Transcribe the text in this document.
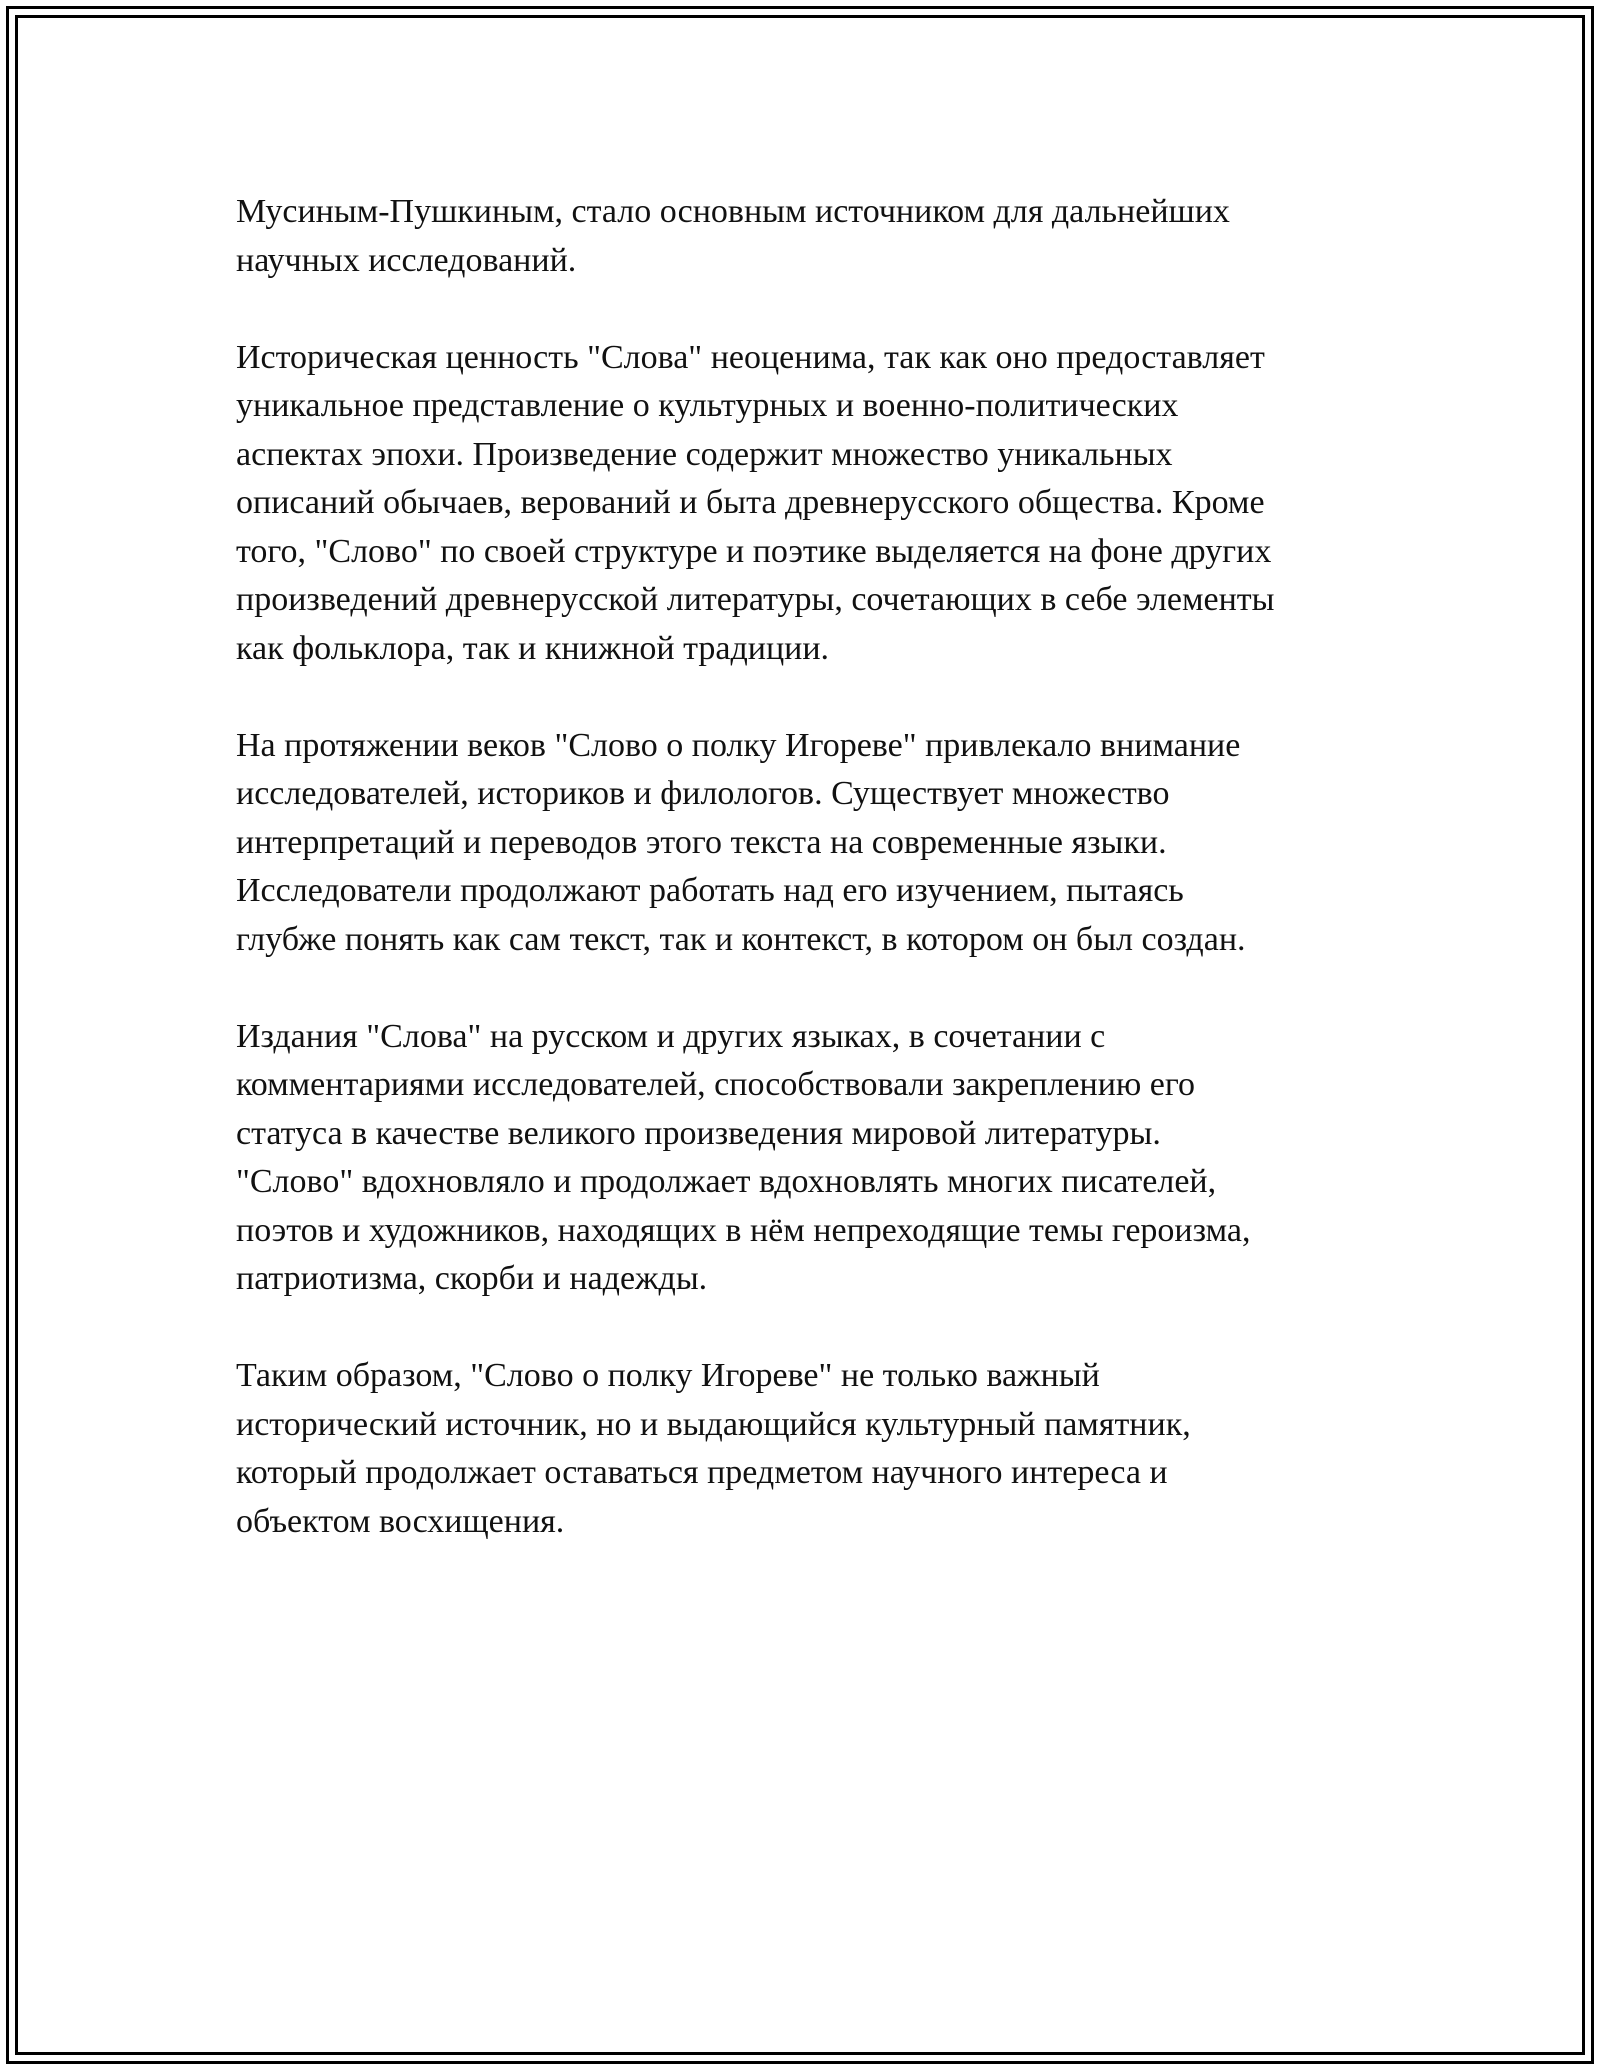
Мусиным-Пушкиным, стало основным источником для дальнейших
научных исследований.

Историческая ценность "Слова" неоценима, так как оно предоставляет
уникальное представление о культурных и военно-политических
аспектах эпохи. Произведение содержит множество уникальных
описаний обычаев, верований и быта древнерусского общества. Кроме
того, "Слово" по своей структуре и поэтике выделяется на фоне других
произведений древнерусской литературы, сочетающих в себе элементы
как фольклора, так и книжной традиции.

На протяжении веков "Слово о полку Игореве" привлекало внимание
исследователей, историков и филологов. Существует множество
интерпретаций и переводов этого текста на современные языки.
Исследователи продолжают работать над его изучением, пытаясь
глубже понять как сам текст, так и контекст, в котором он был создан.

Издания "Слова" на русском и других языках, в сочетании с
комментариями исследователей, способствовали закреплению его
статуса в качестве великого произведения мировой литературы.
"Слово" вдохновляло и продолжает вдохновлять многих писателей,
поэтов и художников, находящих в нём непреходящие темы героизма,
патриотизма, скорби и надежды.

Таким образом, "Слово о полку Игореве" не только важный
исторический источник, но и выдающийся культурный памятник,
который продолжает оставаться предметом научного интереса и
объектом восхищения.
